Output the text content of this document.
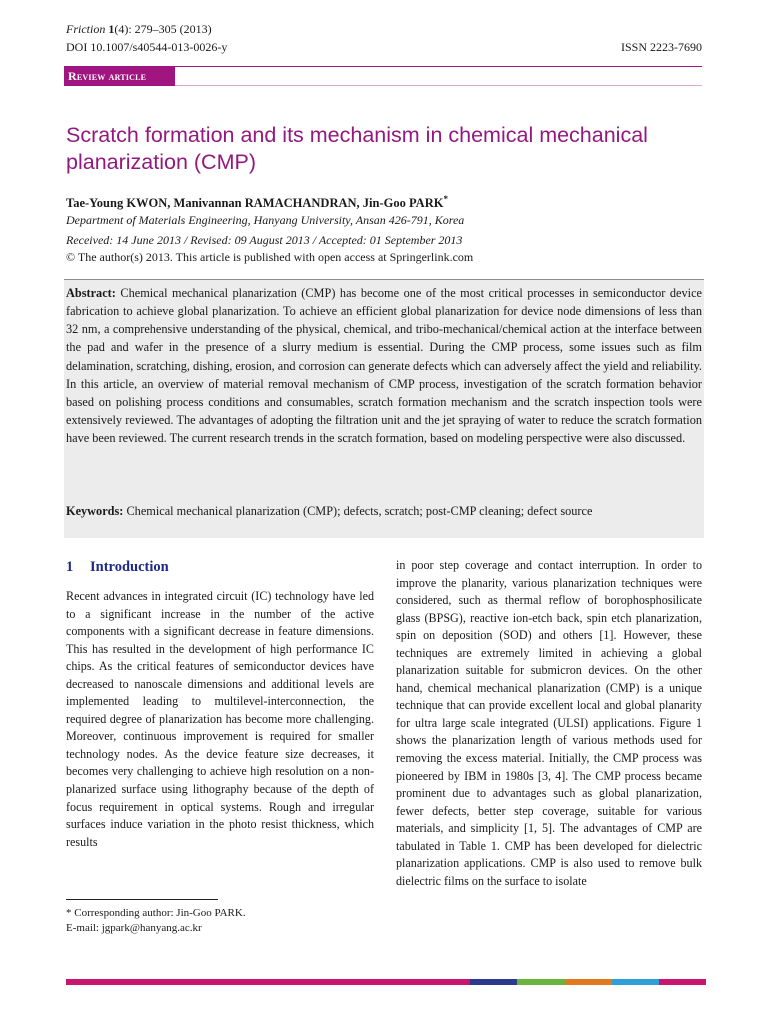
Friction 1(4): 279–305 (2013)
DOI 10.1007/s40544-013-0026-y	ISSN 2223-7690
Review article
Scratch formation and its mechanism in chemical mechanical planarization (CMP)
Tae-Young KWON, Manivannan RAMACHANDRAN, Jin-Goo PARK*
Department of Materials Engineering, Hanyang University, Ansan 426-791, Korea
Received: 14 June 2013 / Revised: 09 August 2013 / Accepted: 01 September 2013
© The author(s) 2013. This article is published with open access at Springerlink.com
Abstract: Chemical mechanical planarization (CMP) has become one of the most critical processes in semiconductor device fabrication to achieve global planarization. To achieve an efficient global planarization for device node dimensions of less than 32 nm, a comprehensive understanding of the physical, chemical, and tribo-mechanical/chemical action at the interface between the pad and wafer in the presence of a slurry medium is essential. During the CMP process, some issues such as film delamination, scratching, dishing, erosion, and corrosion can generate defects which can adversely affect the yield and reliability. In this article, an overview of material removal mechanism of CMP process, investigation of the scratch formation behavior based on polishing process conditions and consumables, scratch formation mechanism and the scratch inspection tools were extensively reviewed. The advantages of adopting the filtration unit and the jet spraying of water to reduce the scratch formation have been reviewed. The current research trends in the scratch formation, based on modeling perspective were also discussed.
Keywords: Chemical mechanical planarization (CMP); defects, scratch; post-CMP cleaning; defect source
1 Introduction
Recent advances in integrated circuit (IC) technology have led to a significant increase in the number of the active components with a significant decrease in feature dimensions. This has resulted in the development of high performance IC chips. As the critical features of semiconductor devices have decreased to nanoscale dimensions and additional levels are implemented leading to multilevel-interconnection, the required degree of planarization has become more challenging. Moreover, continuous improvement is required for smaller technology nodes. As the device feature size decreases, it becomes very challenging to achieve high resolution on a non-planarized surface using lithography because of the depth of focus requirement in optical systems. Rough and irregular surfaces induce variation in the photo resist thickness, which results
in poor step coverage and contact interruption. In order to improve the planarity, various planarization techniques were considered, such as thermal reflow of borophosphosilicate glass (BPSG), reactive ion-etch back, spin etch planarization, spin on deposition (SOD) and others [1]. However, these techniques are extremely limited in achieving a global planarization suitable for submicron devices. On the other hand, chemical mechanical planarization (CMP) is a unique technique that can provide excellent local and global planarity for ultra large scale integrated (ULSI) applications. Figure 1 shows the planarization length of various methods used for removing the excess material. Initially, the CMP process was pioneered by IBM in 1980s [3, 4]. The CMP process became prominent due to advantages such as global planarization, fewer defects, better step coverage, suitable for various materials, and simplicity [1, 5]. The advantages of CMP are tabulated in Table 1. CMP has been developed for dielectric planarization applications. CMP is also used to remove bulk dielectric films on the surface to isolate
* Corresponding author: Jin-Goo PARK.
E-mail: jgpark@hanyang.ac.kr
